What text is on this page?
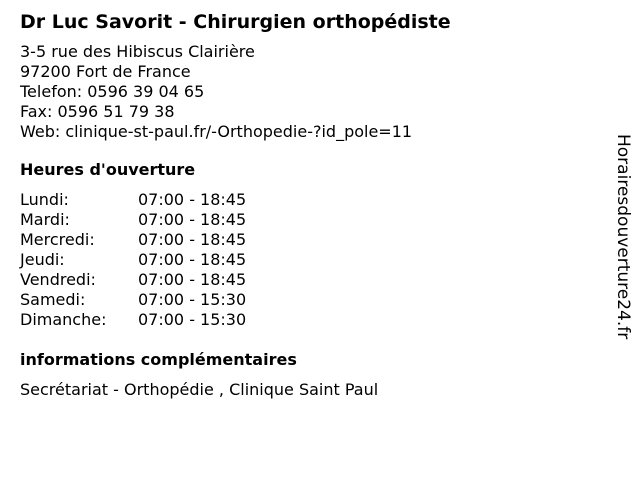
Dr Luc Savorit - Chirurgien orthopédiste
3-5 rue des Hibiscus Clairière
97200 Fort de France
Telefon: 0596 39 04 65
Fax: 0596 51 79 38
Web: clinique-st-paul.fr/-Orthopedie-?id_pole=11
Heures d'ouverture
Lundi:	07:00 - 18:45
Mardi:	07:00 - 18:45
Mercredi:	07:00 - 18:45
Jeudi:	07:00 - 18:45
Vendredi:	07:00 - 18:45
Samedi:	07:00 - 15:30
Dimanche:	07:00 - 15:30
informations complémentaires
Secrétariat - Orthopédie , Clinique Saint Paul
Horairesdouverture24.fr
